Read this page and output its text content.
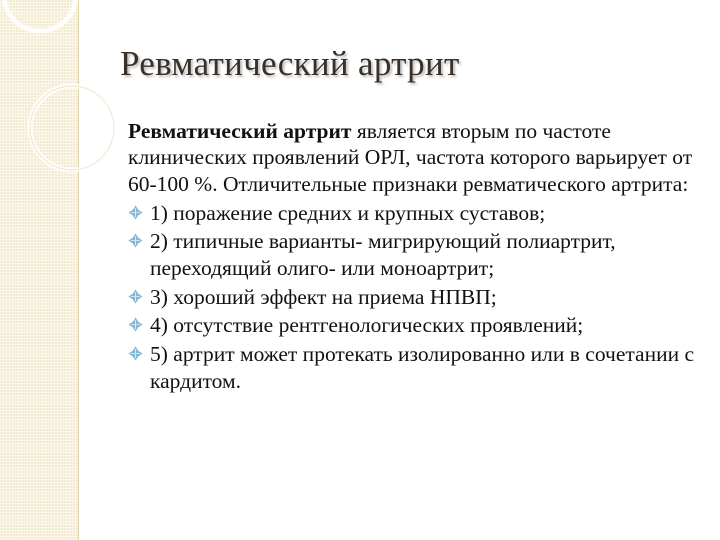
Ревматический артрит

Ревматический артрит является вторым по частоте клинических проявлений ОРЛ, частота которого варьирует от 60-100 %. Отличительные признаки ревматического артрита:

1) поражение средних и крупных суставов;
2) типичные варианты- мигрирующий полиартрит, переходящий олиго- или моноартрит;
3) хороший эффект на приема НПВП;
4) отсутствие рентгенологических проявлений;
5) артрит может протекать изолированно или в сочетании с кардитом.
